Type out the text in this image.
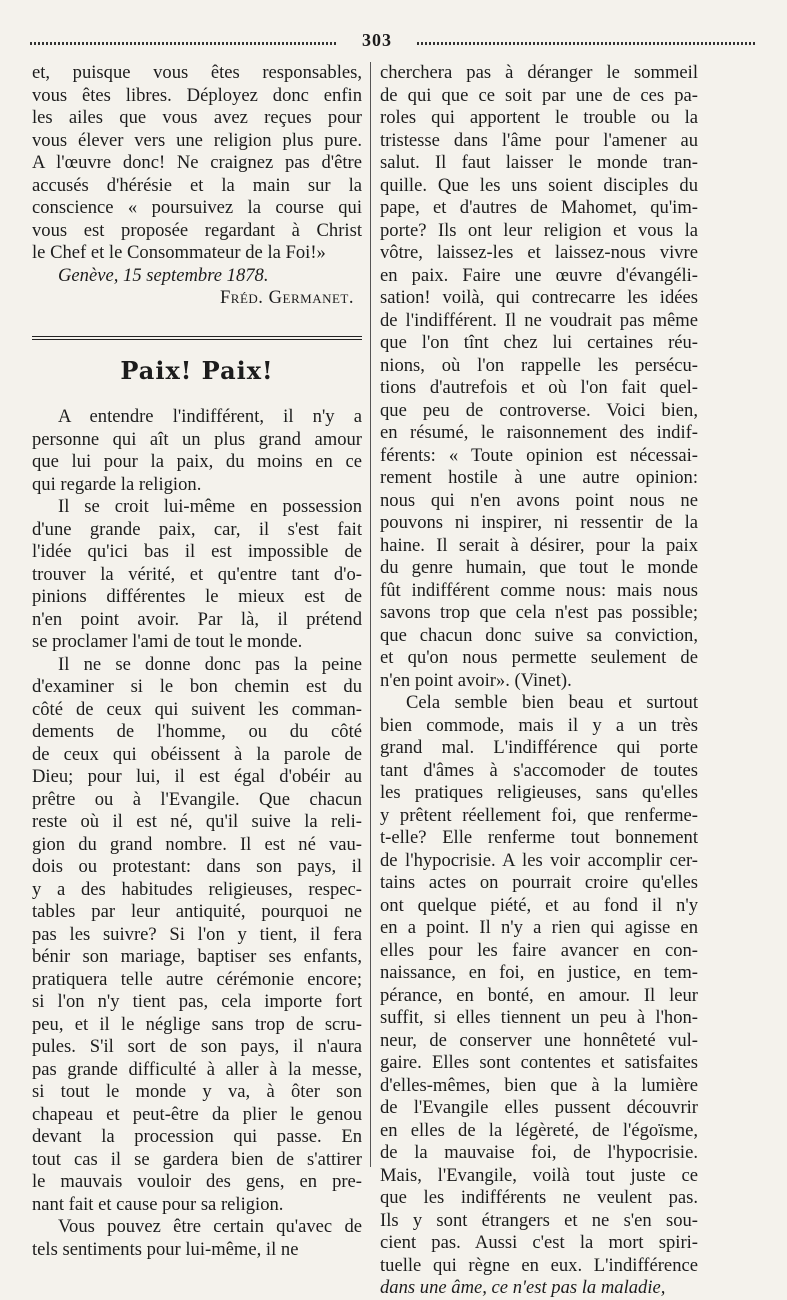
303
et, puisque vous êtes responsables,
vous êtes libres. Déployez donc enfin
les ailes que vous avez reçues pour
vous élever vers une religion plus pure.
A l'œuvre donc! Ne craignez pas d'être
accusés d'hérésie et la main sur la
conscience « poursuivez la course qui
vous est proposée regardant à Christ
le Chef et le Consommateur de la Foi!»
Genève, 15 septembre 1878.
Fréd. Germanet.
Paix! Paix!
A entendre l'indifférent, il n'y a
personne qui aît un plus grand amour
que lui pour la paix, du moins en ce
qui regarde la religion.
Il se croit lui-même en possession
d'une grande paix, car, il s'est fait
l'idée qu'ici bas il est impossible de
trouver la vérité, et qu'entre tant d'o-
pinions différentes le mieux est de
n'en point avoir. Par là, il prétend
se proclamer l'ami de tout le monde.
Il ne se donne donc pas la peine
d'examiner si le bon chemin est du
côté de ceux qui suivent les comman-
dements de l'homme, ou du côté
de ceux qui obéissent à la parole de
Dieu; pour lui, il est égal d'obéir au
prêtre ou à l'Evangile. Que chacun
reste où il est né, qu'il suive la reli-
gion du grand nombre. Il est né vau-
dois ou protestant: dans son pays, il
y a des habitudes religieuses, respec-
tables par leur antiquité, pourquoi ne
pas les suivre? Si l'on y tient, il fera
bénir son mariage, baptiser ses enfants,
pratiquera telle autre cérémonie encore;
si l'on n'y tient pas, cela importe fort
peu, et il le néglige sans trop de scru-
pules. S'il sort de son pays, il n'aura
pas grande difficulté à aller à la messe,
si tout le monde y va, à ôter son
chapeau et peut-être da plier le genou
devant la procession qui passe. En
tout cas il se gardera bien de s'attirer
le mauvais vouloir des gens, en pre-
nant fait et cause pour sa religion.
Vous pouvez être certain qu'avec de
tels sentiments pour lui-même, il ne
cherchera pas à déranger le sommeil
de qui que ce soit par une de ces pa-
roles qui apportent le trouble ou la
tristesse dans l'âme pour l'amener au
salut. Il faut laisser le monde tran-
quille. Que les uns soient disciples du
pape, et d'autres de Mahomet, qu'im-
porte? Ils ont leur religion et vous la
vôtre, laissez-les et laissez-nous vivre
en paix. Faire une œuvre d'évangéli-
sation! voilà, qui contrecarre les idées
de l'indifférent. Il ne voudrait pas même
que l'on tînt chez lui certaines réu-
nions, où l'on rappelle les persécu-
tions d'autrefois et où l'on fait quel-
que peu de controverse. Voici bien,
en résumé, le raisonnement des indif-
férents: « Toute opinion est nécessai-
rement hostile à une autre opinion:
nous qui n'en avons point nous ne
pouvons ni inspirer, ni ressentir de la
haine. Il serait à désirer, pour la paix
du genre humain, que tout le monde
fût indifférent comme nous: mais nous
savons trop que cela n'est pas possible;
que chacun donc suive sa conviction,
et qu'on nous permette seulement de
n'en point avoir». (Vinet).
Cela semble bien beau et surtout
bien commode, mais il y a un très
grand mal. L'indifférence qui porte
tant d'âmes à s'accomoder de toutes
les pratiques religieuses, sans qu'elles
y prêtent réellement foi, que renferme-
t-elle? Elle renferme tout bonnement
de l'hypocrisie. A les voir accomplir cer-
tains actes on pourrait croire qu'elles
ont quelque piété, et au fond il n'y
en a point. Il n'y a rien qui agisse en
elles pour les faire avancer en con-
naissance, en foi, en justice, en tem-
pérance, en bonté, en amour. Il leur
suffit, si elles tiennent un peu à l'hon-
neur, de conserver une honnêteté vul-
gaire. Elles sont contentes et satisfaites
d'elles-mêmes, bien que à la lumière
de l'Evangile elles pussent découvrir
en elles de la légèreté, de l'égoïsme,
de la mauvaise foi, de l'hypocrisie.
Mais, l'Evangile, voilà tout juste ce
que les indifférents ne veulent pas.
Ils y sont étrangers et ne s'en sou-
cient pas. Aussi c'est la mort spiri-
tuelle qui règne en eux. L'indifférence
dans une âme, ce n'est pas la maladie,
